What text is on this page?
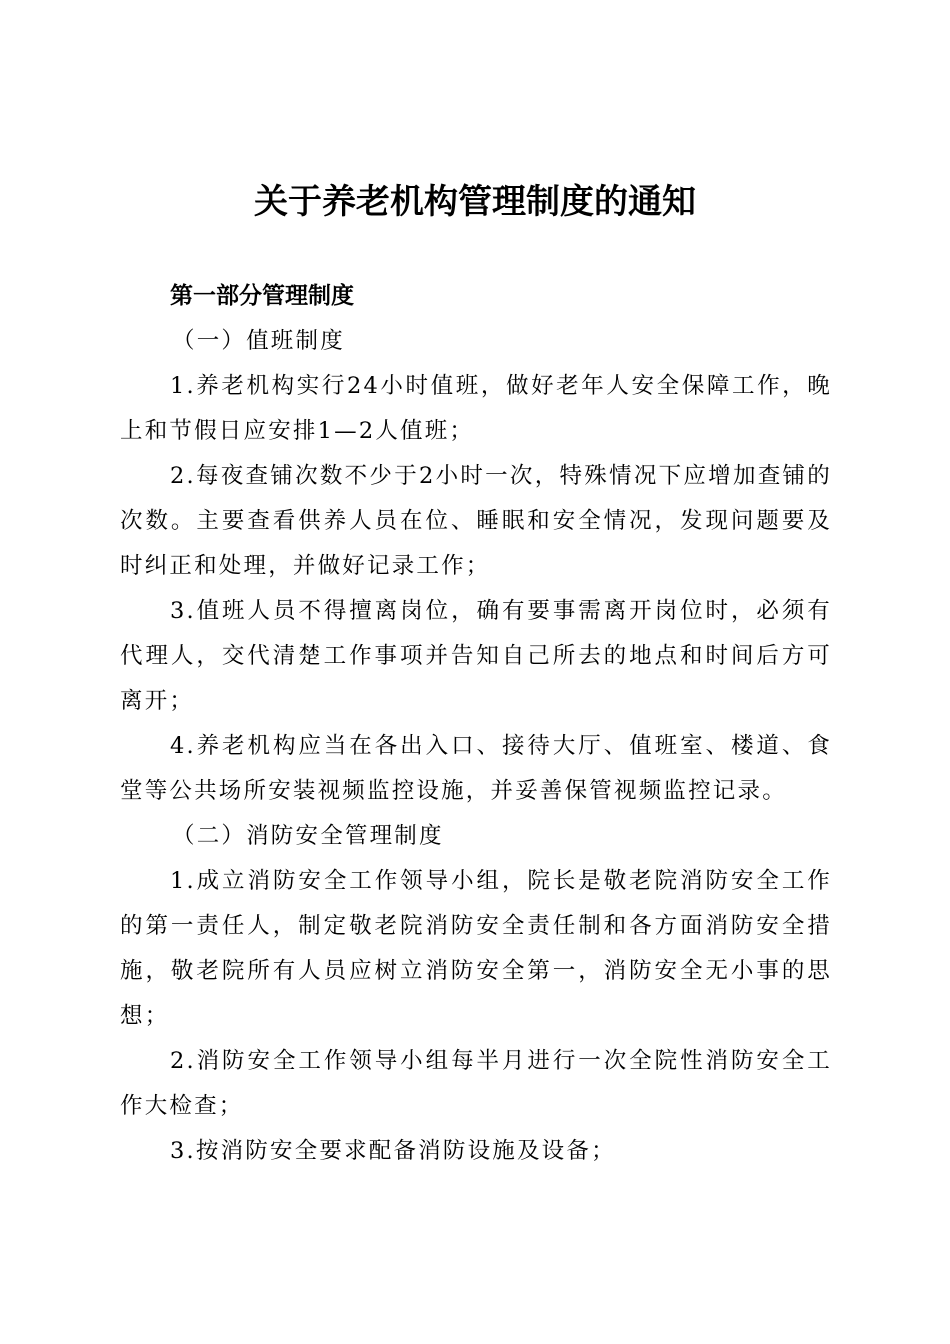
关于养老机构管理制度的通知

第一部分管理制度

（一）值班制度

1.养老机构实行24小时值班，做好老年人安全保障工作，晚上和节假日应安排1—2人值班；

2.每夜查铺次数不少于2小时一次，特殊情况下应增加查铺的次数。主要查看供养人员在位、睡眠和安全情况，发现问题要及时纠正和处理，并做好记录工作；

3.值班人员不得擅离岗位，确有要事需离开岗位时，必须有代理人，交代清楚工作事项并告知自己所去的地点和时间后方可离开；

4.养老机构应当在各出入口、接待大厅、值班室、楼道、食堂等公共场所安装视频监控设施，并妥善保管视频监控记录。

（二）消防安全管理制度

1.成立消防安全工作领导小组，院长是敬老院消防安全工作的第一责任人，制定敬老院消防安全责任制和各方面消防安全措施，敬老院所有人员应树立消防安全第一，消防安全无小事的思想；

2.消防安全工作领导小组每半月进行一次全院性消防安全工作大检查；

3.按消防安全要求配备消防设施及设备；
